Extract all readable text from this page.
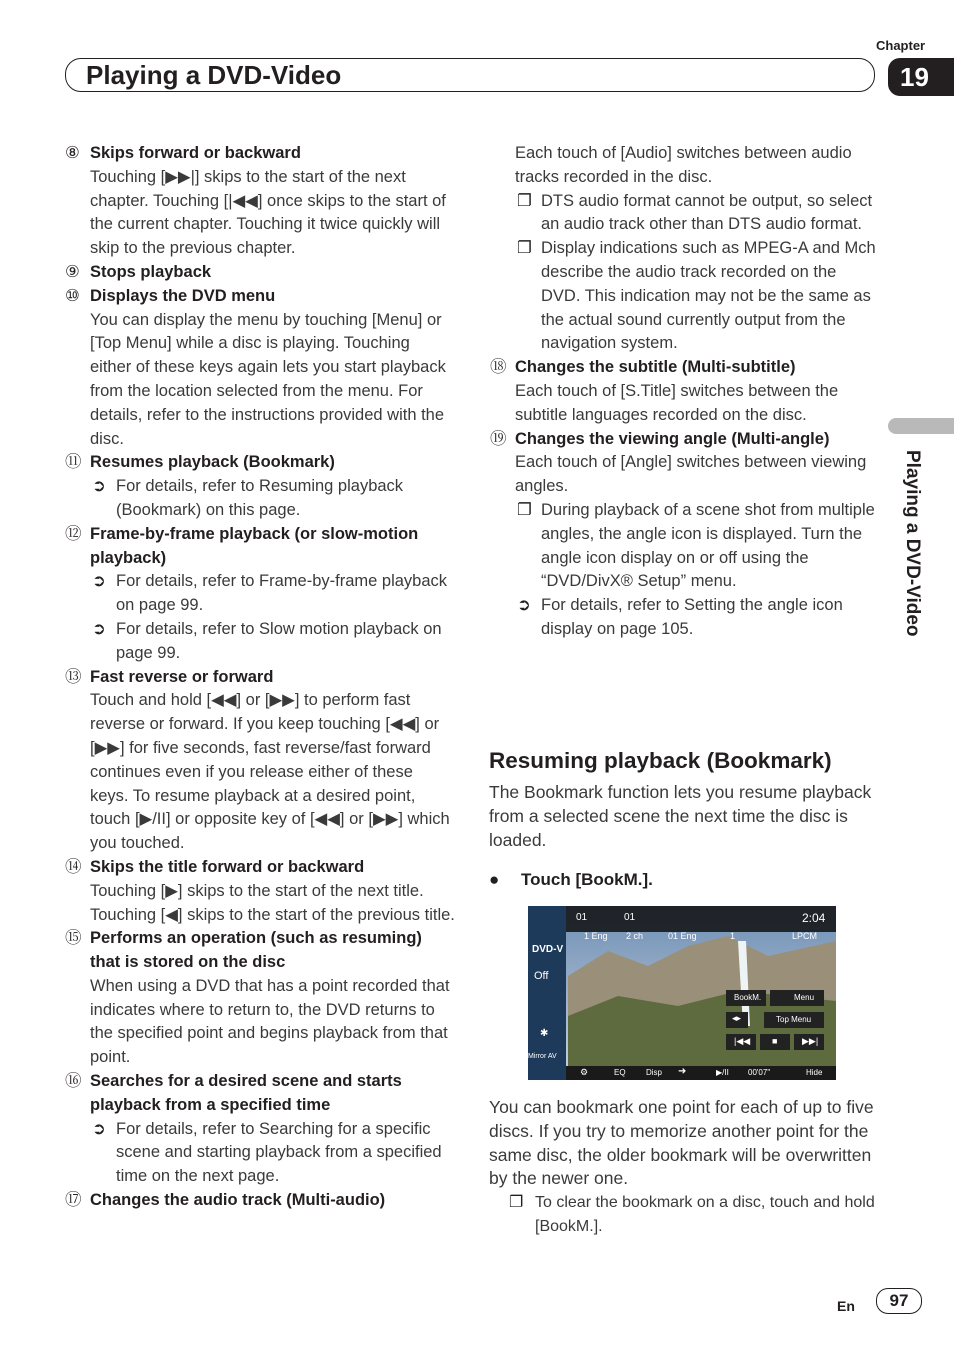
Chapter
Playing a DVD-Video	19
Playing a DVD-Video
⑧ Skips forward or backward
Touching [▶▶|] skips to the start of the next chapter. Touching [|◀◀] once skips to the start of the current chapter. Touching it twice quickly will skip to the previous chapter.
⑨ Stops playback
⑩ Displays the DVD menu
You can display the menu by touching [Menu] or [Top Menu] while a disc is playing. Touching either of these keys again lets you start playback from the location selected from the menu. For details, refer to the instructions provided with the disc.
⑪ Resumes playback (Bookmark)
➲ For details, refer to Resuming playback (Bookmark) on this page.
⑫ Frame-by-frame playback (or slow-motion playback)
➲ For details, refer to Frame-by-frame playback on page 99.
➲ For details, refer to Slow motion playback on page 99.
⑬ Fast reverse or forward
Touch and hold [◀◀] or [▶▶] to perform fast reverse or forward. If you keep touching [◀◀] or [▶▶] for five seconds, fast reverse/fast forward continues even if you release either of these keys. To resume playback at a desired point, touch [▶/II] or opposite key of [◀◀] or [▶▶] which you touched.
⑭ Skips the title forward or backward
Touching [▶] skips to the start of the next title. Touching [◀] skips to the start of the previous title.
⑮ Performs an operation (such as resuming) that is stored on the disc
When using a DVD that has a point recorded that indicates where to return to, the DVD returns to the specified point and begins playback from that point.
⑯ Searches for a desired scene and starts playback from a specified time
➲ For details, refer to Searching for a specific scene and starting playback from a specified time on the next page.
⑰ Changes the audio track (Multi-audio)
Each touch of [Audio] switches between audio tracks recorded in the disc.
❐ DTS audio format cannot be output, so select an audio track other than DTS audio format.
❐ Display indications such as MPEG-A and Mch describe the audio track recorded on the DVD. This indication may not be the same as the actual sound currently output from the navigation system.
⑱ Changes the subtitle (Multi-subtitle)
Each touch of [S.Title] switches between the subtitle languages recorded on the disc.
⑲ Changes the viewing angle (Multi-angle)
Each touch of [Angle] switches between viewing angles.
❐ During playback of a scene shot from multiple angles, the angle icon is displayed. Turn the angle icon display on or off using the “DVD/DivX® Setup” menu.
➲ For details, refer to Setting the angle icon display on page 105.
Resuming playback (Bookmark)
The Bookmark function lets you resume playback from a selected scene the next time the disc is loaded.
● Touch [BookM.].
01	01	2:04
1 Eng 2 ch	01 Eng	1	LPCM
DVD-V
Off
✱
Mirror AV
BookM.	Menu
Top Menu
◂▸
|◀◀ ■	▶▶|
⚙	EQ	Disp ➜	▶/II 00'07"	Hide
You can bookmark one point for each of up to five discs. If you try to memorize another point for the same disc, the older bookmark will be overwritten by the newer one.
❐ To clear the bookmark on a disc, touch and hold [BookM.].
En	97
